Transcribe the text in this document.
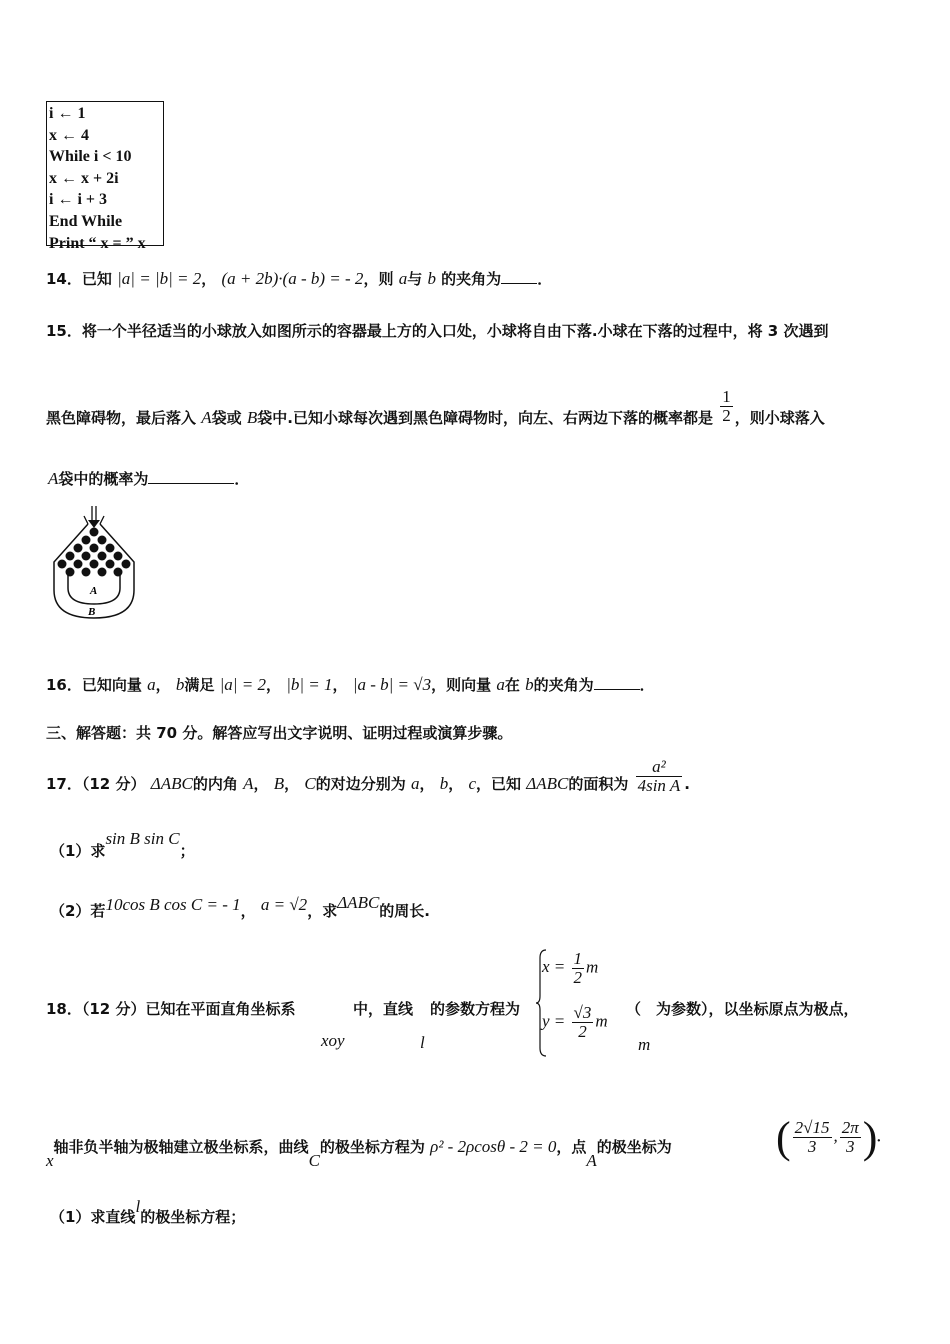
i ← 1
x ← 4
While i < 10
x ← x + 2i
i ← i + 3
End While
Print “ x = ” x
14．已知 |a| = |b| = 2， (a + 2b)·(a - b) = - 2，则 a与 b 的夹角为 ．
15．将一个半径适当的小球放入如图所示的容器最上方的入口处，小球将自由下落.小球在下落的过程中，将 3 次遇到
黑色障碍物，最后落入 A袋或 B袋中.已知小球每次遇到黑色障碍物时，向左、右两边下落的概率都是 $\frac{1}{2}$ ，则小球落入
A袋中的概率为	．
A
B
16．已知向量 a， b满足 |a| = 2， |b| = 1， |a - b| = √3，则向量 a在 b的夹角为	．
三、解答题：共 70 分。解答应写出文字说明、证明过程或演算步骤。
17．（12 分） ΔABC的内角 A， B， C的对边分别为 a， b， c，已知 ΔABC的面积为 $\frac{\text{a²}}{\text{4sin A}}$ .
（1）求sin B sin C；
（2）若10cos B cos C = - 1， a = √2，求ΔABC的周长.
18．（12 分）已知在平面直角坐标系
xoy
中，直线
l
的参数方程为
$x = \frac{1}{2}$ m
$y = \frac{√3}{2}$ m
（
m
为参数），以坐标原点为极点，
x轴非负半轴为极轴建立极坐标系，曲线C的极坐标方程为 ρ² - 2ρcosθ - 2 = 0，点A的极坐标为 ( $\frac{2√15}{3}$ , $\frac{2\pi}{3}$ ).
（1）求直线l的极坐标方程；
